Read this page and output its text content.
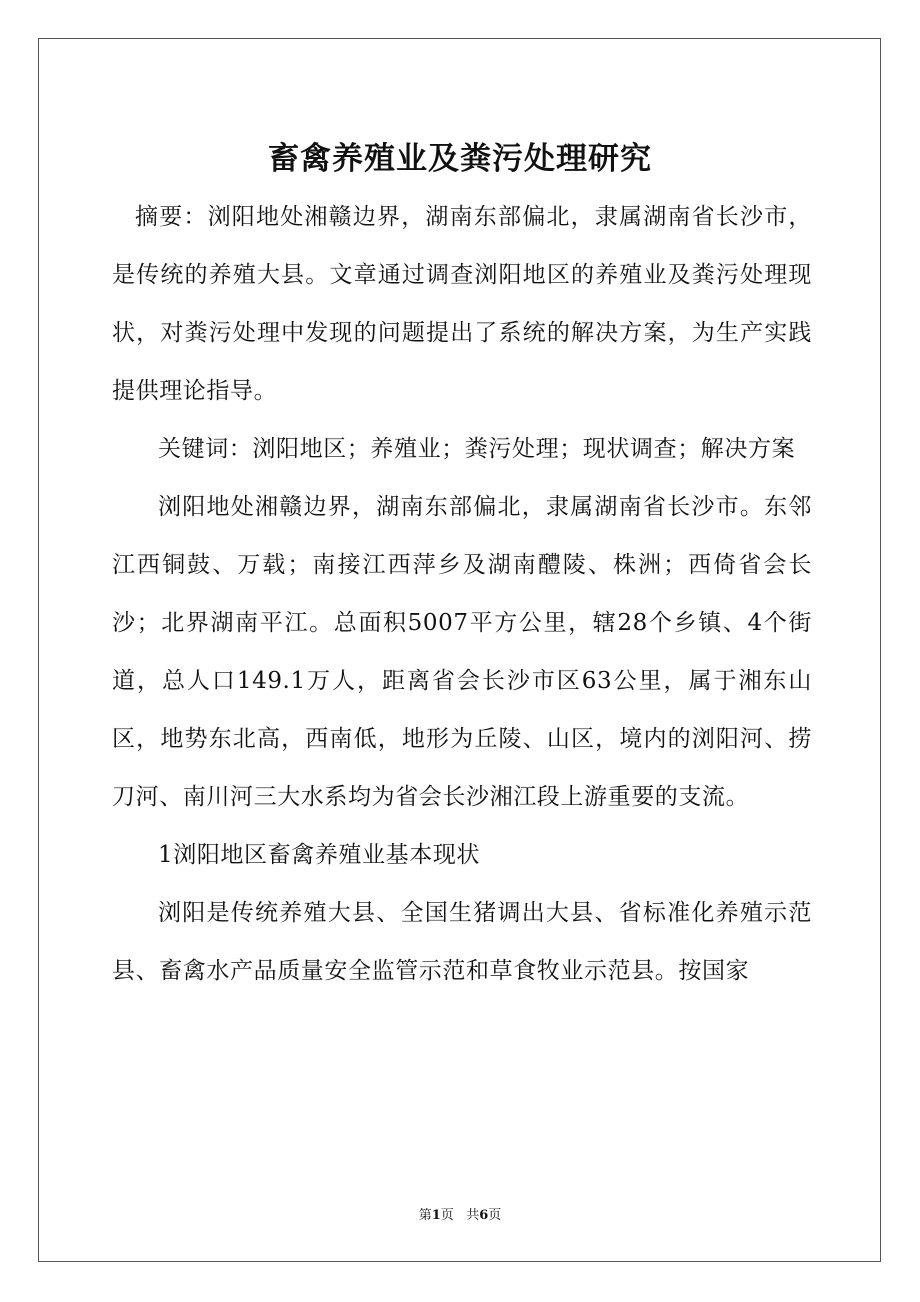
畜禽养殖业及粪污处理研究

摘要：浏阳地处湘赣边界，湖南东部偏北，隶属湖南省长沙市，是传统的养殖大县。文章通过调查浏阳地区的养殖业及粪污处理现状，对粪污处理中发现的问题提出了系统的解决方案，为生产实践提供理论指导。

关键词：浏阳地区；养殖业；粪污处理；现状调查；解决方案

浏阳地处湘赣边界，湖南东部偏北，隶属湖南省长沙市。东邻江西铜鼓、万载；南接江西萍乡及湖南醴陵、株洲；西倚省会长沙；北界湖南平江。总面积5007平方公里，辖28个乡镇、4个街道，总人口149.1万人，距离省会长沙市区63公里，属于湘东山区，地势东北高，西南低，地形为丘陵、山区，境内的浏阳河、捞刀河、南川河三大水系均为省会长沙湘江段上游重要的支流。

1浏阳地区畜禽养殖业基本现状

浏阳是传统养殖大县、全国生猪调出大县、省标准化养殖示范县、畜禽水产品质量安全监管示范和草食牧业示范县。按国家

第1页 共6页
